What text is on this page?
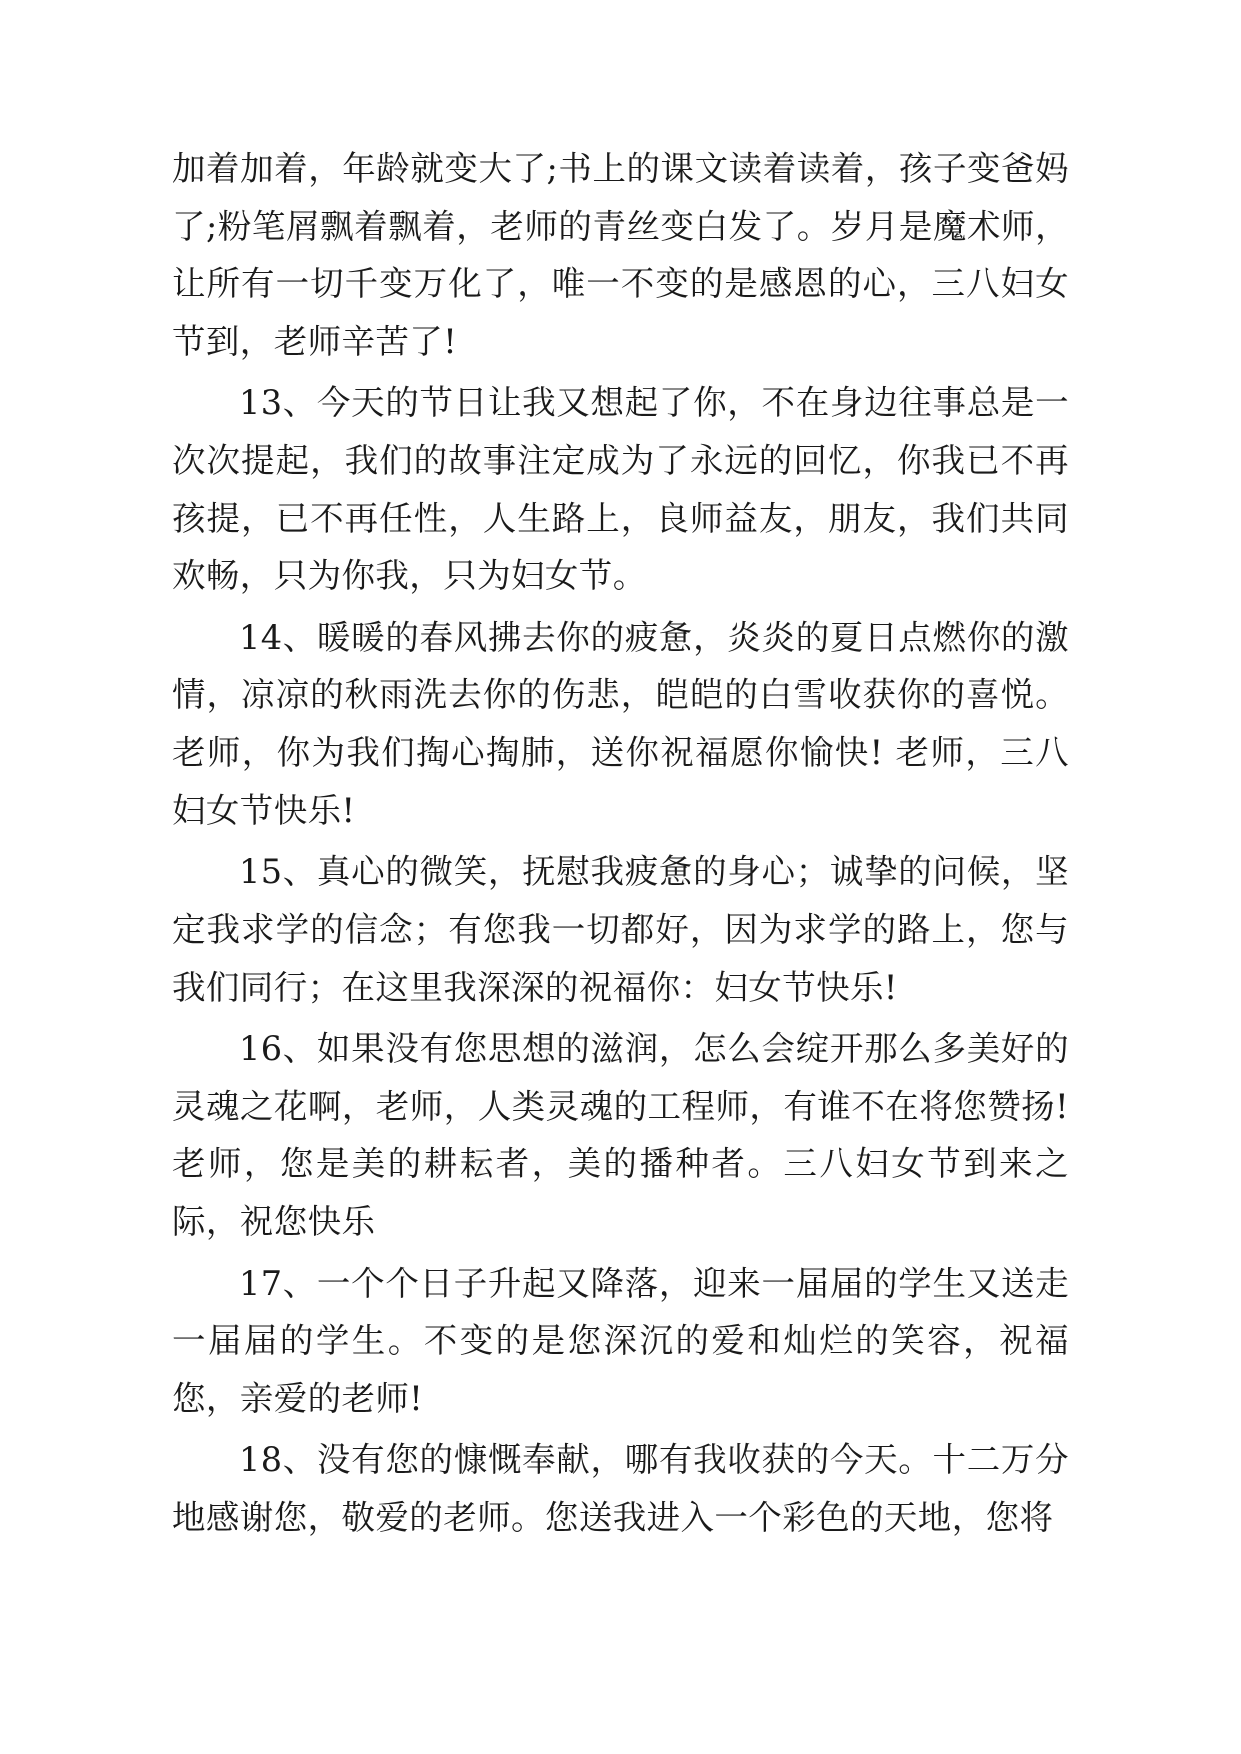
加着加着，年龄就变大了;书上的课文读着读着，孩子变爸妈了;粉笔屑飘着飘着，老师的青丝变白发了。岁月是魔术师，让所有一切千变万化了，唯一不变的是感恩的心，三八妇女节到，老师辛苦了!

13、今天的节日让我又想起了你，不在身边往事总是一次次提起，我们的故事注定成为了永远的回忆，你我已不再孩提，已不再任性，人生路上，良师益友，朋友，我们共同欢畅，只为你我，只为妇女节。

14、暖暖的春风拂去你的疲惫，炎炎的夏日点燃你的激情，凉凉的秋雨洗去你的伤悲，皑皑的白雪收获你的喜悦。老师，你为我们掏心掏肺，送你祝福愿你愉快! 老师，三八妇女节快乐!

15、真心的微笑，抚慰我疲惫的身心；诚挚的问候，坚定我求学的信念；有您我一切都好，因为求学的路上，您与我们同行；在这里我深深的祝福你：妇女节快乐!

16、如果没有您思想的滋润，怎么会绽开那么多美好的灵魂之花啊，老师，人类灵魂的工程师，有谁不在将您赞扬! 老师，您是美的耕耘者，美的播种者。三八妇女节到来之际，祝您快乐

17、一个个日子升起又降落，迎来一届届的学生又送走一届届的学生。不变的是您深沉的爱和灿烂的笑容，祝福您，亲爱的老师!

18、没有您的慷慨奉献，哪有我收获的今天。十二万分地感谢您，敬爱的老师。您送我进入一个彩色的天地，您将
